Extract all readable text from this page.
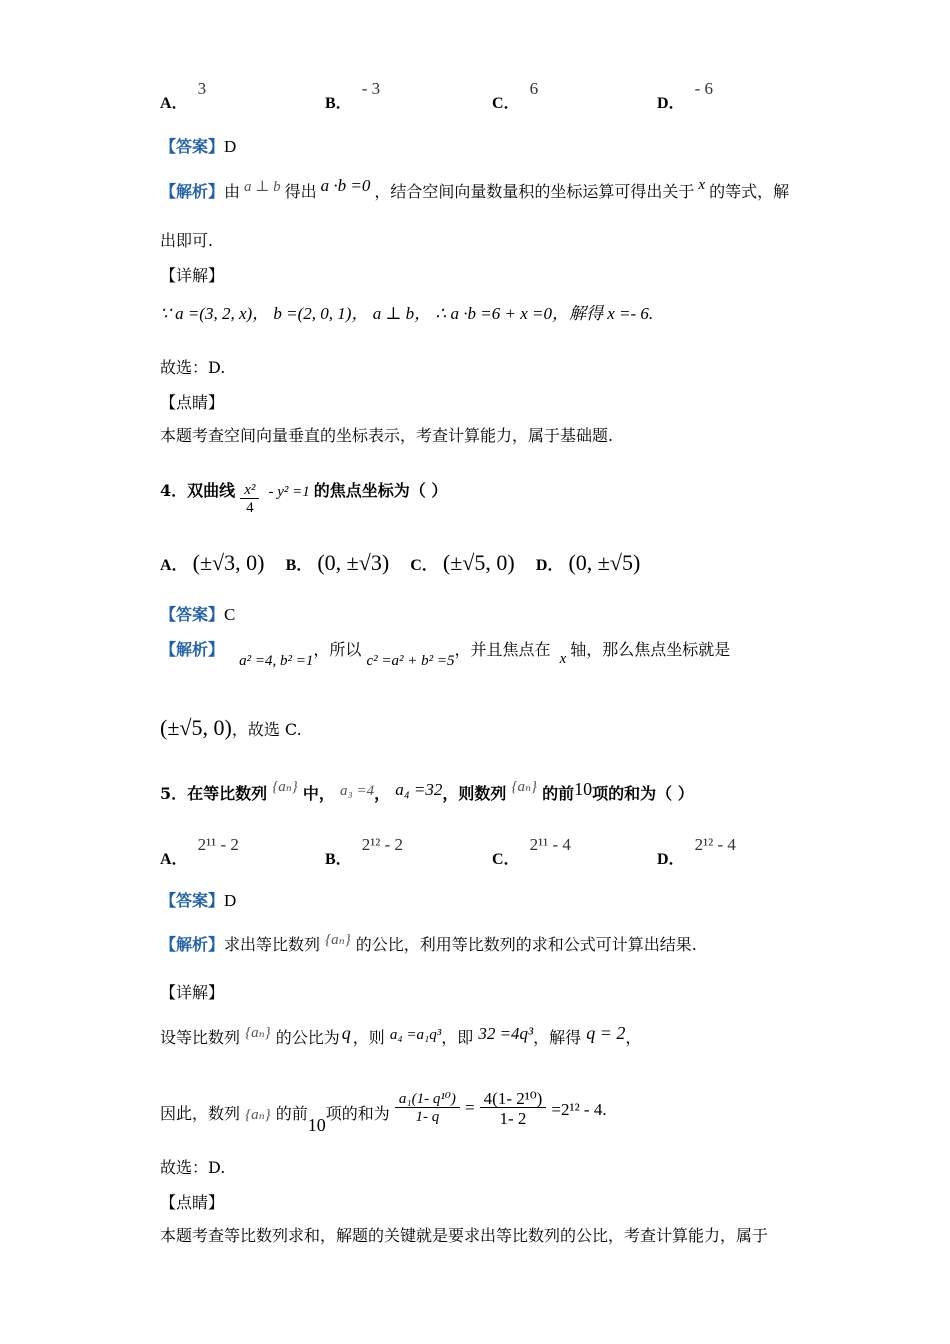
A．3
B．- 3
C．6
D．- 6
【答案】D
【解析】由 a ⊥ b 得出 a ·b =0 ，结合空间向量数量积的坐标运算可得出关于 x 的等式，解
出即可.
【详解】
∵ a =(3, 2, x)， b =(2, 0, 1)， a ⊥ b， ∴ a ·b =6 + x =0，解得 x =- 6.
故选：D.
【点睛】
本题考查空间向量垂直的坐标表示，考查计算能力，属于基础题.
4．双曲线 $\frac{\text{x²}}{4} - y^2 =1$ 的焦点坐标为（ ）
A． (±√3, 0) B． (0, ±√3) C． (±√5, 0) D． (0, ±√5)
【答案】C
【解析】 a² =4, b² =1，所以 c² =a² + b² =5，并且焦点在 x 轴，那么焦点坐标就是
(±√5, 0)，故选 C.
5．在等比数列 {aₙ} 中， a₃ =4， a₄ =32，则数列 {aₙ} 的前10项的和为（ ）
A．2¹¹ - 2
B．2¹² - 2
C．2¹¹ - 4
D．2¹² - 4
【答案】D
【解析】求出等比数列 {aₙ} 的公比，利用等比数列的求和公式可计算出结果.
【详解】
设等比数列 {aₙ} 的公比为 q ，则 a₄ =a₁q³，即 32 =4q³，解得 q = 2，
因此，数列 {aₙ} 的前10项的和为 $\frac{\text{a₁(1- q¹⁰)}}{1- q} = \frac{\text{4(1- 2¹⁰)}}{1- 2} =2^{12} - 4$.
故选：D.
【点睛】
本题考查等比数列求和，解题的关键就是要求出等比数列的公比，考查计算能力，属于
